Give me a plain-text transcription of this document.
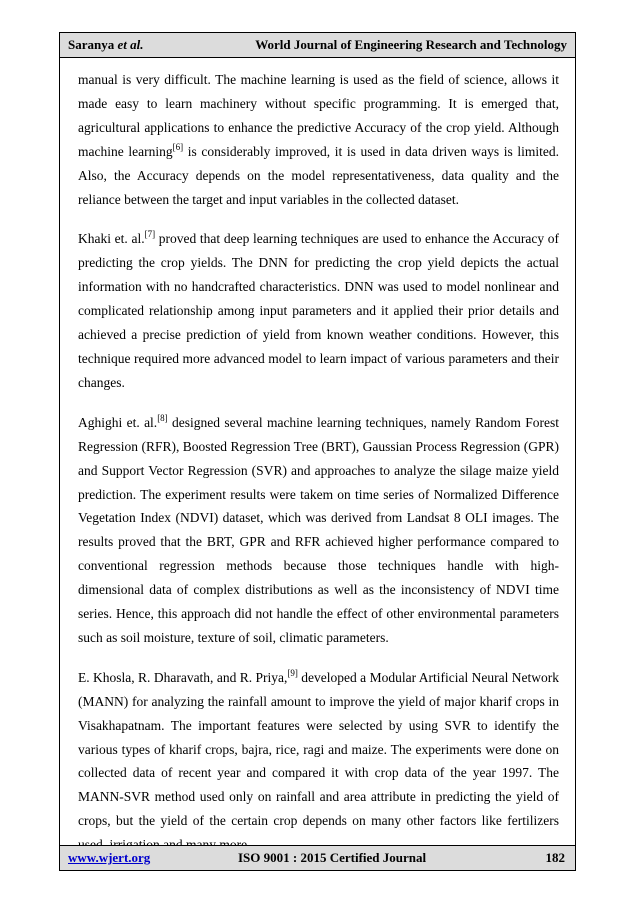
Saranya et al.	World Journal of Engineering Research and Technology

manual is very difficult. The machine learning is used as the field of science, allows it made easy to learn machinery without specific programming. It is emerged that, agricultural applications to enhance the predictive Accuracy of the crop yield. Although machine learning[6] is considerably improved, it is used in data driven ways is limited. Also, the Accuracy depends on the model representativeness, data quality and the reliance between the target and input variables in the collected dataset.

Khaki et. al.[7] proved that deep learning techniques are used to enhance the Accuracy of predicting the crop yields. The DNN for predicting the crop yield depicts the actual information with no handcrafted characteristics. DNN was used to model nonlinear and complicated relationship among input parameters and it applied their prior details and achieved a precise prediction of yield from known weather conditions. However, this technique required more advanced model to learn impact of various parameters and their changes.

Aghighi et. al.[8] designed several machine learning techniques, namely Random Forest Regression (RFR), Boosted Regression Tree (BRT), Gaussian Process Regression (GPR) and Support Vector Regression (SVR) and approaches to analyze the silage maize yield prediction. The experiment results were takem on time series of Normalized Difference Vegetation Index (NDVI) dataset, which was derived from Landsat 8 OLI images. The results proved that the BRT, GPR and RFR achieved higher performance compared to conventional regression methods because those techniques handle with high-dimensional data of complex distributions as well as the inconsistency of NDVI time series. Hence, this approach did not handle the effect of other environmental parameters such as soil moisture, texture of soil, climatic parameters.

E. Khosla, R. Dharavath, and R. Priya,[9] developed a Modular Artificial Neural Network (MANN) for analyzing the rainfall amount to improve the yield of major kharif crops in Visakhapatnam. The important features were selected by using SVR to identify the various types of kharif crops, bajra, rice, ragi and maize. The experiments were done on collected data of recent year and compared it with crop data of the year 1997. The MANN-SVR method used only on rainfall and area attribute in predicting the yield of crops, but the yield of the certain crop depends on many other factors like fertilizers

www.wjert.org	ISO 9001 : 2015 Certified Journal	182
